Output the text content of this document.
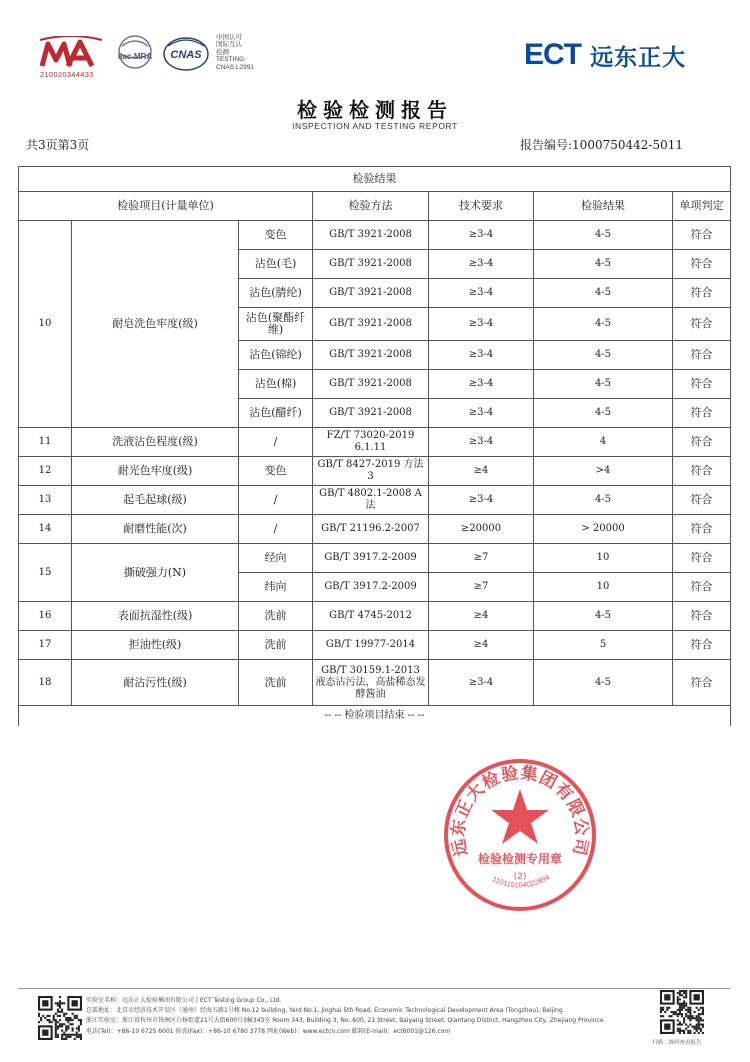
210020344433
ilac-MRA CNAS
中国认可
国际互认
检测
TESTING
CNAS L2991	ECT 远东正大
检验检测报告
INSPECTION AND TESTING REPORT
共3页第3页	报告编号:1000750442-5011
检验结果						
检验项目(计量单位)			检验方法	技术要求	检验结果	单项判定
10	耐皂洗色牢度(级)	变色	GB/T 3921-2008	≥3-4	4-5	符合
		沾色(毛)	GB/T 3921-2008	≥3-4	4-5	符合
		沾色(腈纶)	GB/T 3921-2008	≥3-4	4-5	符合
		沾色(聚酯纤维)	GB/T 3921-2008	≥3-4	4-5	符合
		沾色(锦纶)	GB/T 3921-2008	≥3-4	4-5	符合
		沾色(棉)	GB/T 3921-2008	≥3-4	4-5	符合
		沾色(醋纤)	GB/T 3921-2008	≥3-4	4-5	符合
11	洗液沾色程度(级)	/	FZ/T 73020-2019 6.1.11	≥3-4	4	符合
12	耐光色牢度(级)	变色	GB/T 8427-2019 方法3	≥4	>4	符合
13	起毛起球(级)	/	GB/T 4802.1-2008 A法	≥3-4	4-5	符合
14	耐磨性能(次)	/	GB/T 21196.2-2007	≥20000	> 20000	符合
15	撕破强力(N)	经向	GB/T 3917.2-2009	≥7	10	符合
		纬向	GB/T 3917.2-2009	≥7	10	符合
16	表面抗湿性(级)	洗前	GB/T 4745-2012	≥4	4-5	符合
17	拒油性(级)	洗前	GB/T 19977-2014	≥4	5	符合
18	耐沾污性(级)	洗前	GB/T 30159.1-2013 液态沾污法，高盐稀态发酵酱油	≥3-4	4-5	符合
-- -- 检验项目结束 -- --						
远东正大检验集团有限公司
检验检测专用章
(2)
110115104022894
实验室名称：远东正大检验集团有限公司 | ECT Testing Group Co., Ltd.
总部地址：北京市经济技术开发区（通州）经海五路1号楼 No.12 building, Yard No.1, Jinghai 5th Road, Economic Technological Development Area (Tongzhou), Beijing
浙江实验室：浙江省杭州市钱塘区白杨街道21号大街600号3幢343室 Room 343, Building 3, No. 600, 21 Street, Baiyang Street, Qiantang District, Hangzhou City, Zhejiang Province
电话(Tel)：+86-10 6725 6001 传真(Fax)：+86-10 6780 3778 网址(Web)：www.ectcn.com 邮箱(E-mail)：ect6001@126.com
扫描二维码查看报告
